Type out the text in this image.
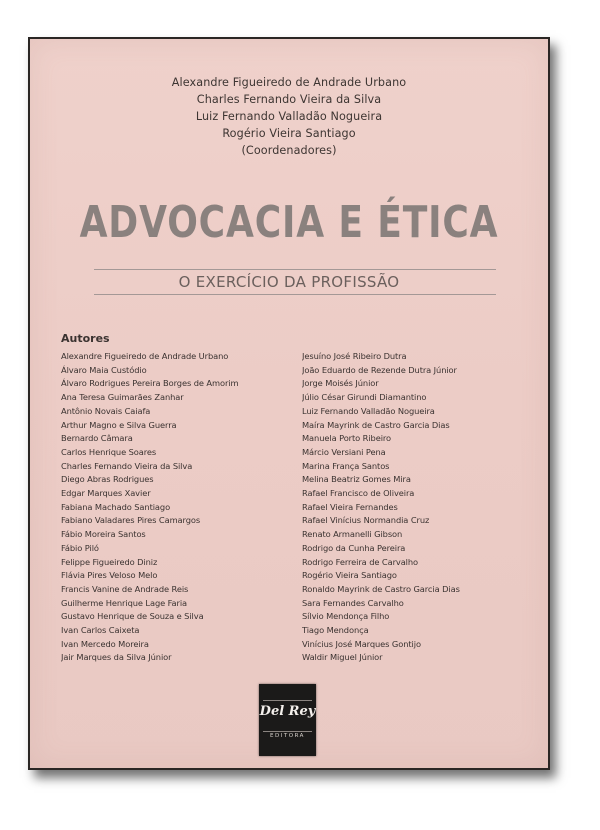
Alexandre Figueiredo de Andrade Urbano
Charles Fernando Vieira da Silva
Luiz Fernando Valladão Nogueira
Rogério Vieira Santiago
(Coordenadores)
ADVOCACIA E ÉTICA
O EXERCÍCIO DA PROFISSÃO
Autores
Alexandre Figueiredo de Andrade Urbano
Álvaro Maia Custódio
Álvaro Rodrigues Pereira Borges de Amorim
Ana Teresa Guimarães Zanhar
Antônio Novais Caiafa
Arthur Magno e Silva Guerra
Bernardo Câmara
Carlos Henrique Soares
Charles Fernando Vieira da Silva
Diego Abras Rodrigues
Edgar Marques Xavier
Fabiana Machado Santiago
Fabiano Valadares Pires Camargos
Fábio Moreira Santos
Fábio Piló
Felippe Figueiredo Diniz
Flávia Pires Veloso Melo
Francis Vanine de Andrade Reis
Guilherme Henrique Lage Faria
Gustavo Henrique de Souza e Silva
Ivan Carlos Caixeta
Ivan Mercedo Moreira
Jair Marques da Silva Júnior
Jesuíno José Ribeiro Dutra
João Eduardo de Rezende Dutra Júnior
Jorge Moisés Júnior
Júlio César Girundi Diamantino
Luiz Fernando Valladão Nogueira
Maíra Mayrink de Castro Garcia Dias
Manuela Porto Ribeiro
Márcio Versiani Pena
Marina França Santos
Melina Beatriz Gomes Mira
Rafael Francisco de Oliveira
Rafael Vieira Fernandes
Rafael Vinícius Normandia Cruz
Renato Armanelli Gibson
Rodrigo da Cunha Pereira
Rodrigo Ferreira de Carvalho
Rogério Vieira Santiago
Ronaldo Mayrink de Castro Garcia Dias
Sara Fernandes Carvalho
Sílvio Mendonça Filho
Tiago Mendonça
Vinícius José Marques Gontijo
Waldir Miguel Júnior
Del Rey
EDITORA
